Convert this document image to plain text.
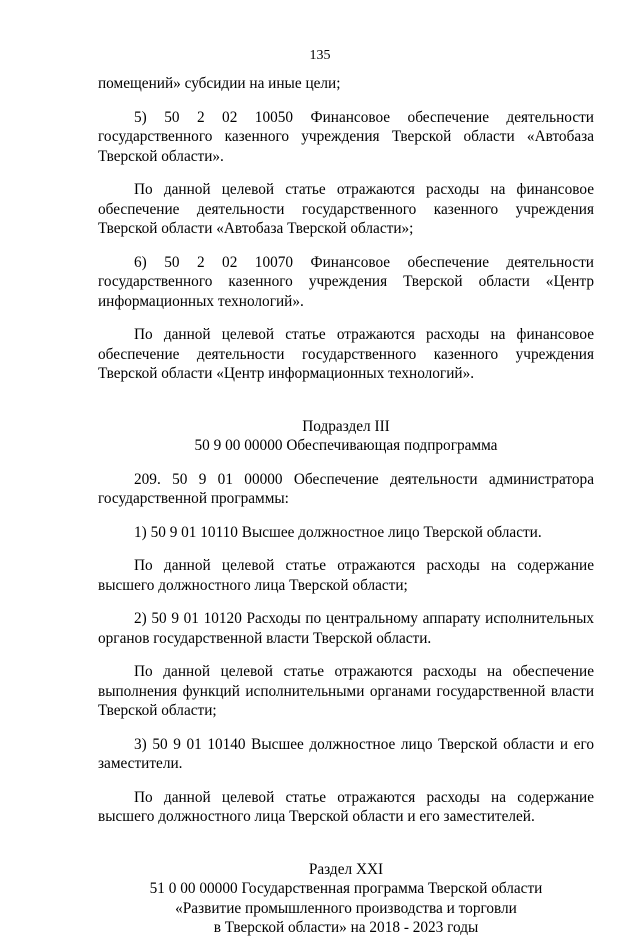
135

помещений» субсидии на иные цели;

5) 50 2 02 10050 Финансовое обеспечение деятельности государственного казенного учреждения Тверской области «Автобаза Тверской области».

По данной целевой статье отражаются расходы на финансовое обеспечение деятельности государственного казенного учреждения Тверской области «Автобаза Тверской области»;

6) 50 2 02 10070 Финансовое обеспечение деятельности государственного казенного учреждения Тверской области «Центр информационных технологий».

По данной целевой статье отражаются расходы на финансовое обеспечение деятельности государственного казенного учреждения Тверской области «Центр информационных технологий».

Подраздел III

50 9 00 00000 Обеспечивающая подпрограмма

209. 50 9 01 00000 Обеспечение деятельности администратора государственной программы:

1) 50 9 01 10110 Высшее должностное лицо Тверской области.

По данной целевой статье отражаются расходы на содержание высшего должностного лица Тверской области;

2) 50 9 01 10120 Расходы по центральному аппарату исполнительных органов государственной власти Тверской области.

По данной целевой статье отражаются расходы на обеспечение выполнения функций исполнительными органами государственной власти Тверской области;

3) 50 9 01 10140 Высшее должностное лицо Тверской области и его заместители.

По данной целевой статье отражаются расходы на содержание высшего должностного лица Тверской области и его заместителей.

Раздел XXI

51 0 00 00000 Государственная программа Тверской области

«Развитие промышленного производства и торговли

в Тверской области» на 2018 - 2023 годы
